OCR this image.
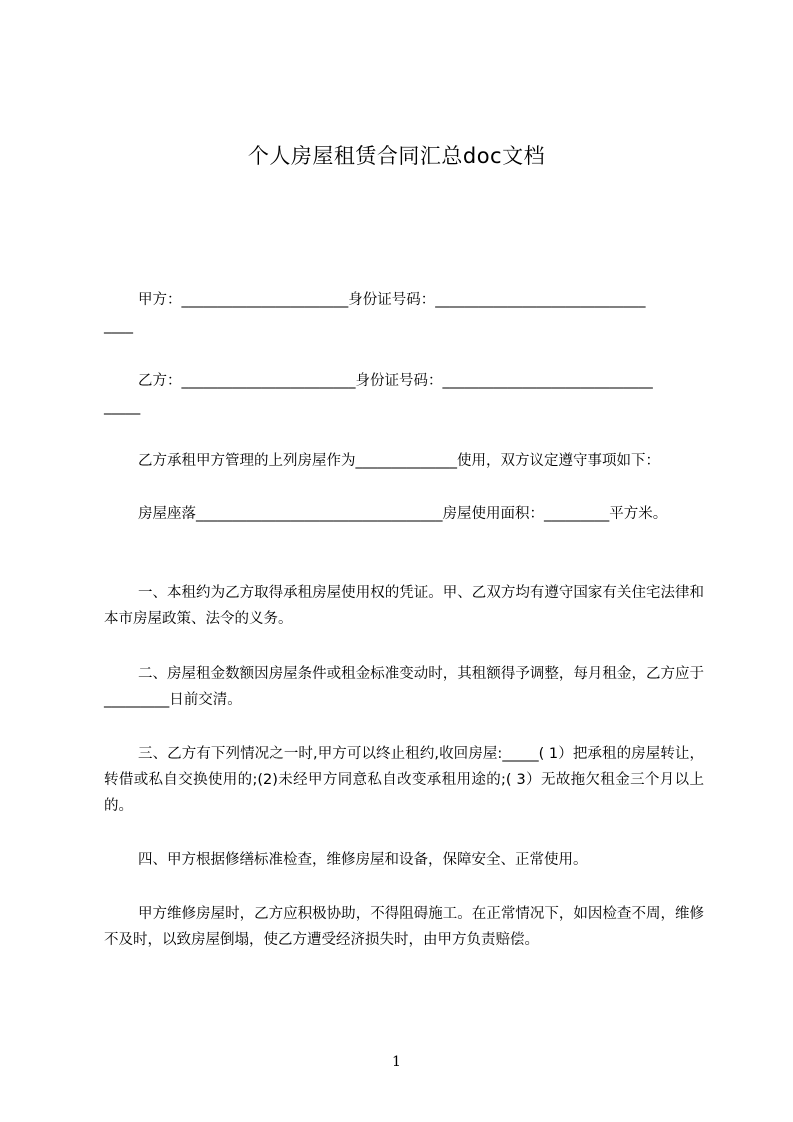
个人房屋租赁合同汇总doc文档

甲方：_______________________身份证号码：_____________________________

____

乙方：________________________身份证号码：_____________________________

_____

乙方承租甲方管理的上列房屋作为______________使用，双方议定遵守事项如下：

房屋座落__________________________________房屋使用面积：_________平方米。

一、本租约为乙方取得承租房屋使用权的凭证。甲、乙双方均有遵守国家有关住宅法律和本市房屋政策、法令的义务。

二、房屋租金数额因房屋条件或租金标准变动时，其租额得予调整，每月租金，乙方应于_________日前交清。

三、乙方有下列情况之一时,甲方可以终止租约,收回房屋:_____( 1）把承租的房屋转让，转借或私自交换使用的;(2)未经甲方同意私自改变承租用途的;( 3）无故拖欠租金三个月以上的。

四、甲方根据修缮标准检查，维修房屋和设备，保障安全、正常使用。

甲方维修房屋时，乙方应积极协助，不得阻碍施工。在正常情况下，如因检查不周，维修不及时，以致房屋倒塌，使乙方遭受经济损失时，由甲方负责赔偿。

1
